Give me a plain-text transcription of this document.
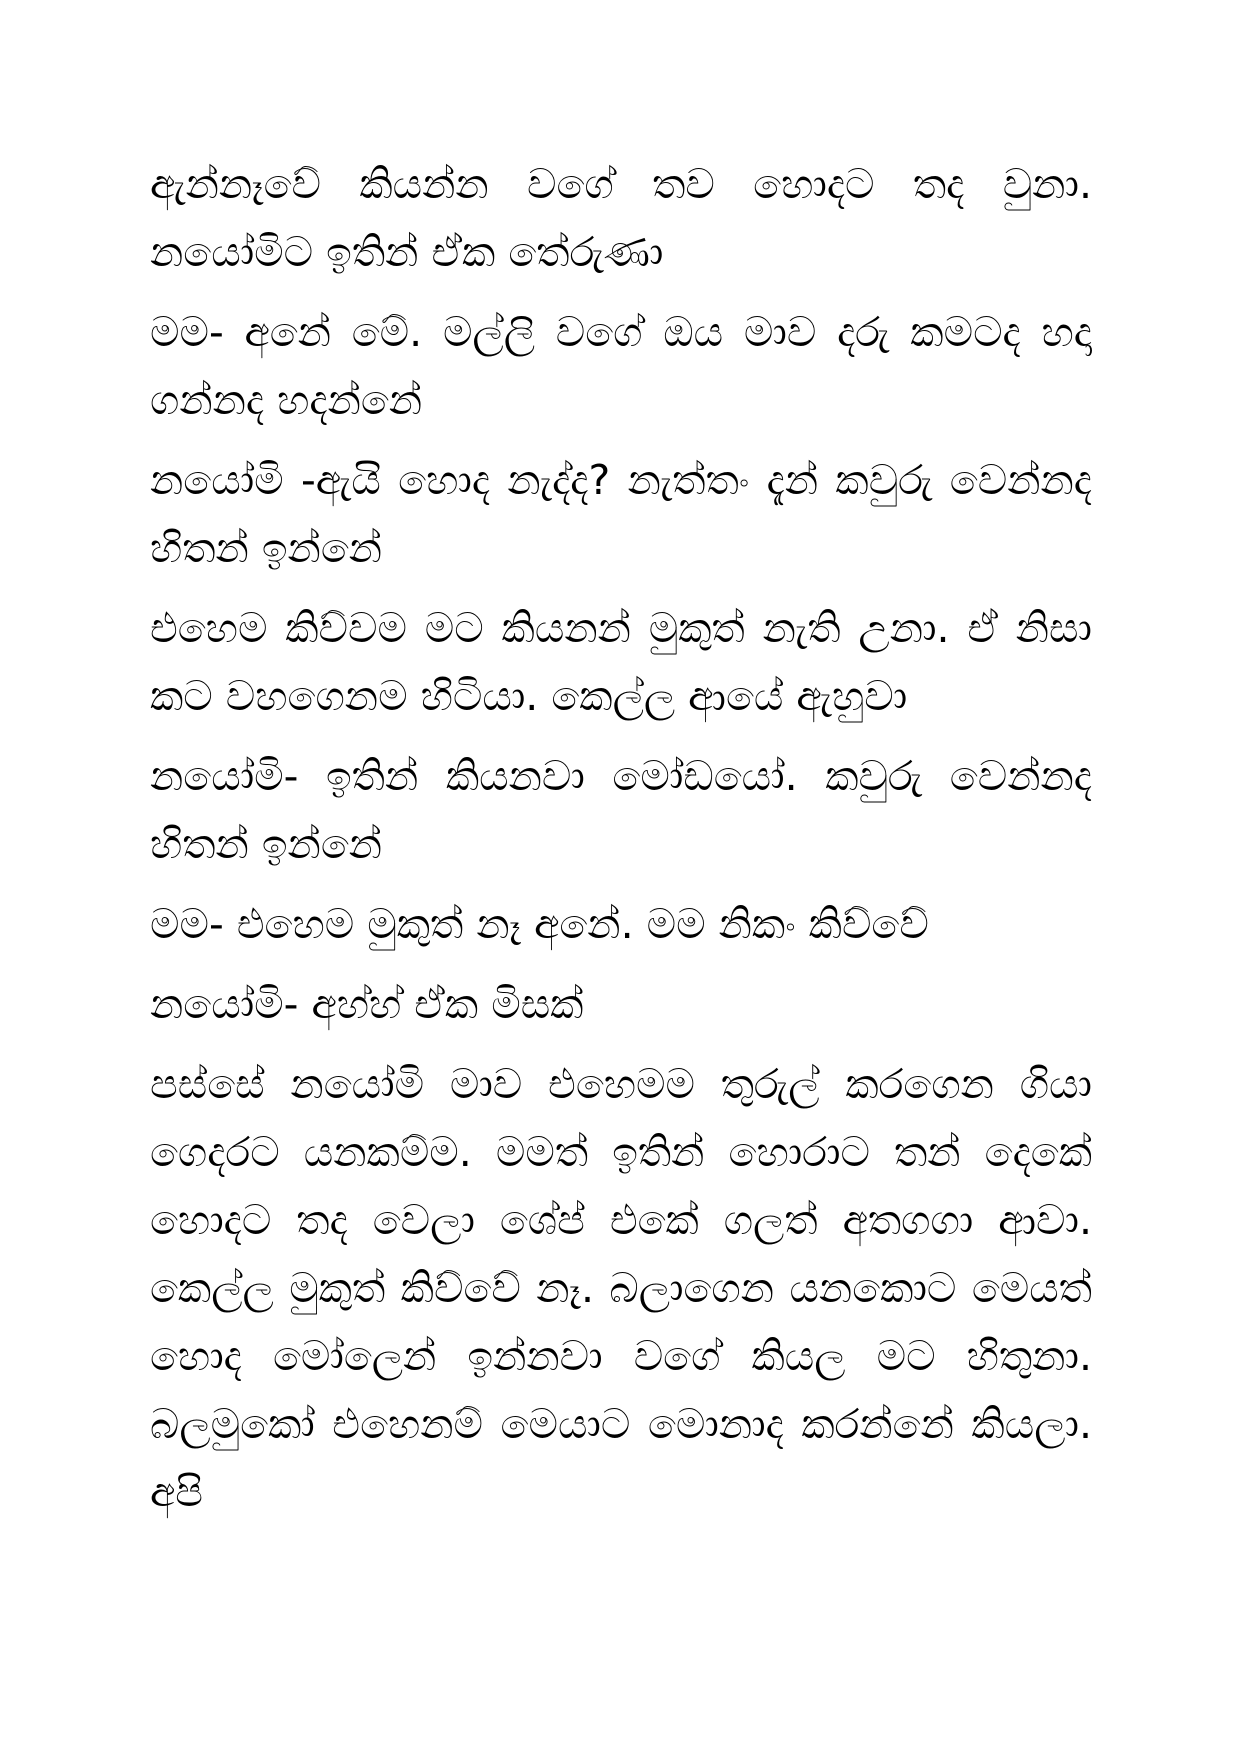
ඇන්නෑවේ කියන්න වගේ තව හොදට තද වුනා. නයෝමිට ඉතින් ඒක තේරුණා

මම- අනේ මේ. මල්ලි වගේ ඔය මාව දරු කමටද හදා ගන්නද හදන්නේ

නයෝමි -ඇයි හොද නැද්ද? නැත්තං දැන් කවුරු වෙන්නද හිතන් ඉන්නේ

එහෙම කිව්වම මට කියනන් මුකුත් නැති උනා. ඒ නිසා කට වහගෙනම හිටියා. කෙල්ල ආයේ ඇහුවා

නයෝමි- ඉතින් කියනවා මෝඩයෝ. කවුරු වෙන්නද හිතන් ඉන්නේ

මම- එහෙම මුකුත් නෑ අනේ. මම නිකං කිව්වේ

නයෝමි- අහ්හ් ඒක මිසක්

පස්සේ නයෝමි මාව එහෙමම තුරුල් කරගෙන ගියා ගෙදරට යනකම්ම. මමත් ඉතින් හොරාට තන් දෙකේ හොදට තද වෙලා ශේප් එකේ ගලත් අතගගා ආවා. කෙල්ල මුකුත් කිව්වේ නෑ. බලාගෙන යනකොට මෙයත් හොද මෝලෙන් ඉන්නවා වගේ කියල මට හිතුනා. බලමුකෝ එහෙනම් මෙයාට මොනාද කරන්නේ කියලා. අපි
